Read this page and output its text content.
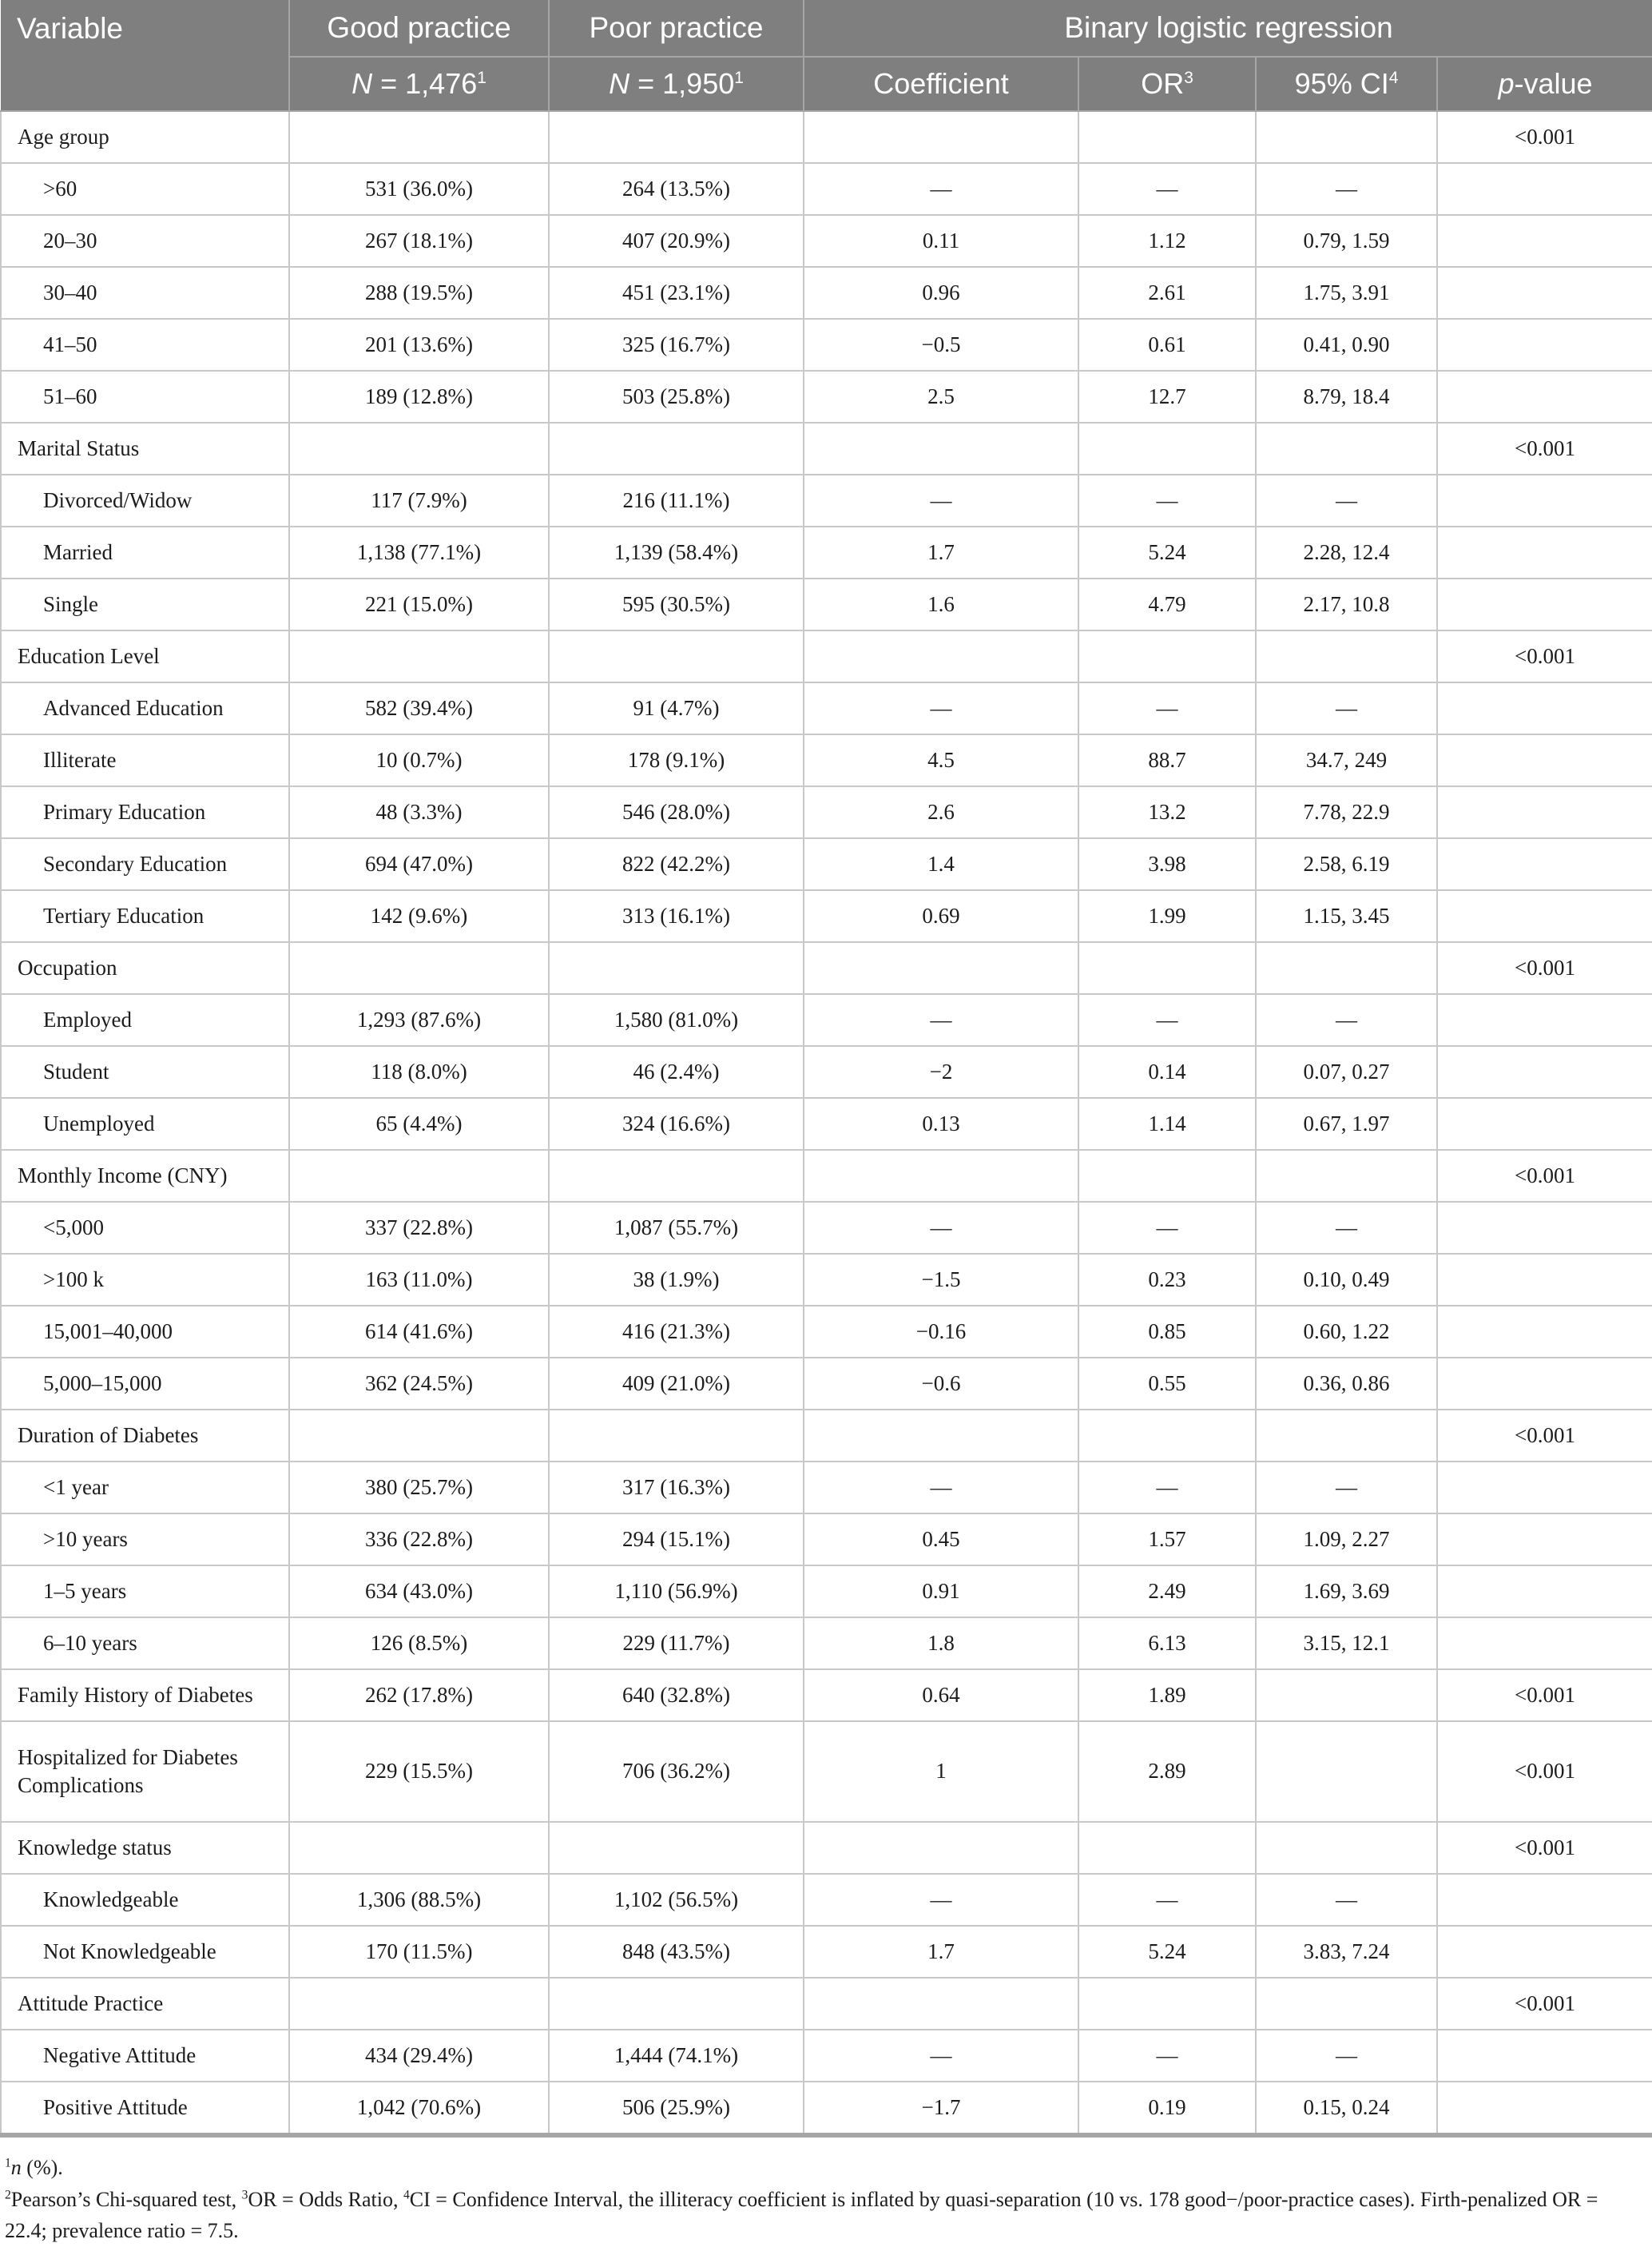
Variable	Good practice	Poor practice	Binary logistic regression			
	$N = 1,476^1$	$N = 1,950^1$	Coefficient	$OR^3$	95% $CI^4$	p-value
Age group						<0.001
>60	531 (36.0%)	264 (13.5%)	—	—	—	
20–30	267 (18.1%)	407 (20.9%)	0.11	1.12	0.79, 1.59	
30–40	288 (19.5%)	451 (23.1%)	0.96	2.61	1.75, 3.91	
41–50	201 (13.6%)	325 (16.7%)	−0.5	0.61	0.41, 0.90	
51–60	189 (12.8%)	503 (25.8%)	2.5	12.7	8.79, 18.4	
Marital Status						<0.001
Divorced/Widow	117 (7.9%)	216 (11.1%)	—	—	—	
Married	1,138 (77.1%)	1,139 (58.4%)	1.7	5.24	2.28, 12.4	
Single	221 (15.0%)	595 (30.5%)	1.6	4.79	2.17, 10.8	
Education Level						<0.001
Advanced Education	582 (39.4%)	91 (4.7%)	—	—	—	
Illiterate	10 (0.7%)	178 (9.1%)	4.5	88.7	34.7, 249	
Primary Education	48 (3.3%)	546 (28.0%)	2.6	13.2	7.78, 22.9	
Secondary Education	694 (47.0%)	822 (42.2%)	1.4	3.98	2.58, 6.19	
Tertiary Education	142 (9.6%)	313 (16.1%)	0.69	1.99	1.15, 3.45	
Occupation						<0.001
Employed	1,293 (87.6%)	1,580 (81.0%)	—	—	—	
Student	118 (8.0%)	46 (2.4%)	−2	0.14	0.07, 0.27	
Unemployed	65 (4.4%)	324 (16.6%)	0.13	1.14	0.67, 1.97	
Monthly Income (CNY)						<0.001
<5,000	337 (22.8%)	1,087 (55.7%)	—	—	—	
>100 k	163 (11.0%)	38 (1.9%)	−1.5	0.23	0.10, 0.49	
15,001–40,000	614 (41.6%)	416 (21.3%)	−0.16	0.85	0.60, 1.22	
5,000–15,000	362 (24.5%)	409 (21.0%)	−0.6	0.55	0.36, 0.86	
Duration of Diabetes						<0.001
<1 year	380 (25.7%)	317 (16.3%)	—	—	—	
>10 years	336 (22.8%)	294 (15.1%)	0.45	1.57	1.09, 2.27	
1–5 years	634 (43.0%)	1,110 (56.9%)	0.91	2.49	1.69, 3.69	
6–10 years	126 (8.5%)	229 (11.7%)	1.8	6.13	3.15, 12.1	
Family History of Diabetes	262 (17.8%)	640 (32.8%)	0.64	1.89		<0.001
Hospitalized for Diabetes Complications	229 (15.5%)	706 (36.2%)	1	2.89		<0.001
Knowledge status						<0.001
Knowledgeable	1,306 (88.5%)	1,102 (56.5%)	—	—	—	
Not Knowledgeable	170 (11.5%)	848 (43.5%)	1.7	5.24	3.83, 7.24	
Attitude Practice						<0.001
Negative Attitude	434 (29.4%)	1,444 (74.1%)	—	—	—	
Positive Attitude	1,042 (70.6%)	506 (25.9%)	−1.7	0.19	0.15, 0.24	

$^1$n (%).

$^2$Pearson’s Chi-squared test, $^3$OR = Odds Ratio, $^4$CI = Confidence Interval, the illiteracy coefficient is inflated by quasi-separation (10 vs. 178 good−/poor-practice cases). Firth-penalized OR = 22.4; prevalence ratio = 7.5.
